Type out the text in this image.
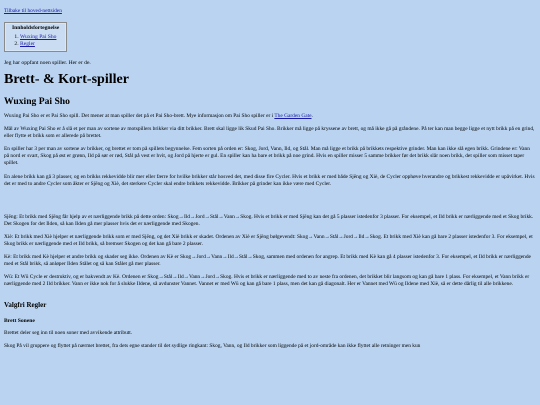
Tilbake til hoved-nettsiden
Innholdsfortegnelse
1. Wuxing Pai Sho
2. Regler
Jeg har oppfant noen spiller. Her er de.
Brett- & Kort-spiller
Wuxing Pai Sho

Wuxing Pai Sho er et Pai Sho spill. Det mener at man spiller det på et Pai Sho-brett. Mye informasjon om Pai Sho spiller er i The Garden Gate.

Mål av Wuxing Pai Sho er å slå et per man av sortene av motspillers brikker via ditt brikker. Brett skal ligge lik Skud Pai Sho. Brikker må ligge på kryssene av brett, og må ikke gå på gråndene. På ter kan man begge ligge et nytt brikk på en grind, eller flytte et brikk som er allerede på brettet.

En spiller har 3 per man av sortene av brikker, og brettet er tom på spillets begynnelse. Fem sorten på orden er: Skog, Jord, Vann, Ild, og Stål. Man må ligge et brikk på brikkets respektive grinder. Man kan ikke slå egen brikk. Grindene er: Vann på nord er svart, Skog på øst er grønn, Ild på sør er rød, Stål på vest er hvit, og Jord på hjerte er gul. En spiller kan ha bare et brikk på noe grind. Hvis en spiller misser 5 samme brikker før det brikk slår noen brikk, det spiller som misset taper spillet.

En alene brikk kan gå 3 plasser, og en brikks rekkevidde blir mer eller færre for hvilke brikker står hosved det, med disse fire Cycler. Hvis et brikk er med både Sjēng og Xiè, de Cycler opphøve hverandre og brikkest rekkevidde er upåvirket. Hvis det er med to andre Cycler som åkter er Sjēng og Xiè, det sterkere Cycler skal endre brikkets rekkevidde. Brikker på grinder kan ikke være med Cycler.

Sjēng: Et brikk med Sjēng får hjelp av et nærliggende brikk på dette orden: Skog→Ild→Jord→Stål→Vann→Skog. Hvis et brikk er med Sjēng kan det gå 5 plasser istedenfor 3 plasser. For eksempel, et Ild brikk er nærliggende med et Skog brikk. Det Skogen for det Ilden, så kan Ilden gå mer plasser hvis det er nærliggende med Skogen.

Xiè: Et brikk med Xiè hjelper et nærliggende brikk som er med Sjēng, og det Xiè brikk er skadet. Ordenen av Xiè er Sjēng bølgevendt: Skog→Vann→Stål→Jord→Ild→Skog. Et brikk med Xiè kan gå bare 2 plasser istedenfor 3. For eksempel, et Skog brikk er nærliggende med et Ild brikk, så bremser Skogen og det kan gå bare 2 plasser.

Kè: Et brikk med Kè hjelper et andre brikk og skader seg ikke. Ordenen av Kè er Skog→Jord→Vann→Ild→Stål→Skog, sammen med ordenen for angrep. Et brikk med Kè kan gå 4 plasser istedenfor 3. For eksempel, et Ild brikk er nærliggende med et Stål brikk, så anløper Ilden Stålet og så kan Stålet gå mer plasser.

Wū: Et Wū Cycle er destruktiv, og er bakvendt av Kè. Ordenen er Skog→Stål→Ild→Vann→Jord→Skog. Hvis et brikk er nærliggende med to av neste fra ordenen, det brikket blir langsom og kan gå bare 1 plass. For eksempel, et Vann brikk er nærliggende med 2 Ild brikker. Vann er ikke nok for å slukke Ildene, så avdunster Vannet. Vannet er med Wū og kan gå bare 1 plass, men det kan gå diagonalt. Her er Vannet med Wū og Ildene med Xiè, så er dette dårlig til alle brikkene.

Valgfri Regler
Brett Sonene

Brettet deler seg inn til noen soner med avvikende attributt.

Skog På vil gruppere og flyttet på nærmet brettet, fra dets egne stander til det sydlige ringkant: Skog, Vann, og Ild brikker som liggende på et jord-område kan ikke flyttet alle retninger men kun
